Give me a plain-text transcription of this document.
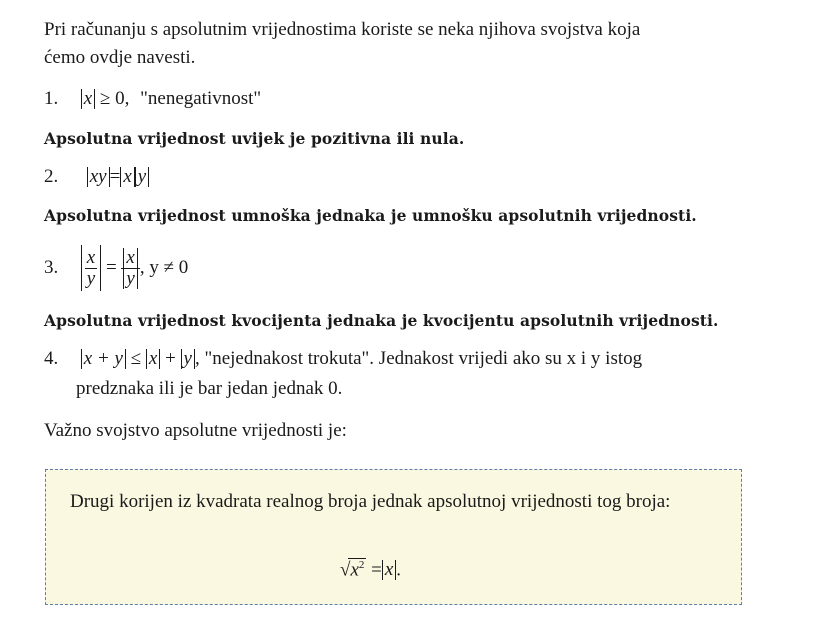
Pri računanju s apsolutnim vrijednostima koriste se neka njihova svojstva koja
ćemo ovdje navesti.
1. x ≥ 0, "nenegativnost"
Apsolutna vrijednost uvijek je pozitivna ili nula.
2. xy = x y
Apsolutna vrijednost umnoška jednaka je umnošku apsolutnih vrijednosti.
3. $\frac{x}{y} = \frac{x}{y}$ , y ≠ 0
Apsolutna vrijednost kvocijenta jednaka je kvocijentu apsolutnih vrijednosti.
4. x + y ≤ x + y , "nejednakost trokuta". Jednakost vrijedi ako su x i y istog
predznaka ili je bar jedan jednak 0.
Važno svojstvo apsolutne vrijednosti je:
Drugi korijen iz kvadrata realnog broja jednak apsolutnoj vrijednosti tog broja:
$√x^2 = x$ .
